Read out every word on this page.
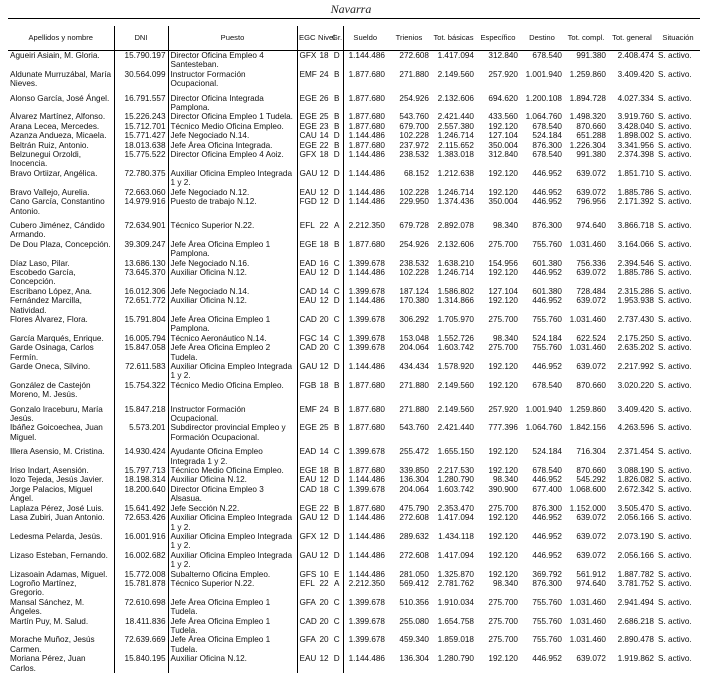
Navarra
Apellidos y nombre	DNI	Puesto	EGC	Nivel	Gr.	Sueldo	Trienios	Tot. básicas	Específico	Destino	Tot. compl.	Tot. general	Situación
Agueiri Asiain, M. Gloria.	15.790.197	Director Oficina Empleo 4 Santesteban.	GFX	18	D	1.144.486	272.608	1.417.094	312.840	678.540	991.380	2.408.474	S. activo.
Aldunate Murruzábal, María Nieves.	30.564.099	Instructor Formación Ocupacional.	EMF	24	B	1.877.680	271.880	2.149.560	257.920	1.001.940	1.259.860	3.409.420	S. activo.
Alonso García, José Ángel.	16.791.557	Director Oficina Integrada Pamplona.	EGE	26	B	1.877.680	254.926	2.132.606	694.620	1.200.108	1.894.728	4.027.334	S. activo.
Álvarez Martínez, Alfonso.	15.226.243	Director Oficina Empleo 1 Tudela.	EGE	25	B	1.877.680	543.760	2.421.440	433.560	1.064.760	1.498.320	3.919.760	S. activo.
Arana Lecea, Mercedes.	15.712.701	Técnico Medio Oficina Empleo.	EGE	23	B	1.877.680	679.700	2.557.380	192.120	678.540	870.660	3.428.040	S. activo.
Azanza Andueza, Micaela.	15.771.427	Jefe Negociado N.14.	CAU	14	D	1.144.486	102.228	1.246.714	127.104	524.184	651.288	1.898.002	S. activo.
Beltrán Ruiz, Antonio.	18.013.638	Jefe Área Oficina Integrada.	EGE	22	B	1.877.680	237.972	2.115.652	350.004	876.300	1.226.304	3.341.956	S. activo.
Belzunegui Orzoldi, Inocencia.	15.775.522	Director Oficina Empleo 4 Aoiz.	GFX	18	D	1.144.486	238.532	1.383.018	312.840	678.540	991.380	2.374.398	S. activo.
Bravo Ortiizar, Angélica.	72.780.375	Auxiliar Oficina Empleo Integrada 1 y 2.	GAU	12	D	1.144.486	68.152	1.212.638	192.120	446.952	639.072	1.851.710	S. activo.
Bravo Vallejo, Aurelia.	72.663.060	Jefe Negociado N.12.	EAU	12	D	1.144.486	102.228	1.246.714	192.120	446.952	639.072	1.885.786	S. activo.
Cano García, Constantino Antonio.	14.979.916	Puesto de trabajo N.12.	FGD	12	D	1.144.486	229.950	1.374.436	350.004	446.952	796.956	2.171.392	S. activo.
Cubero Jiménez, Cándido Armando.	72.634.901	Técnico Superior N.22.	EFL	22	A	2.212.350	679.728	2.892.078	98.340	876.300	974.640	3.866.718	S. activo.
De Dou Plaza, Concepción.	39.309.247	Jefe Área Oficina Empleo 1 Pamplona.	EGE	18	B	1.877.680	254.926	2.132.606	275.700	755.760	1.031.460	3.164.066	S. activo.
Díaz Laso, Pilar.	13.686.130	Jefe Negociado N.16.	EAD	16	C	1.399.678	238.532	1.638.210	154.956	601.380	756.336	2.394.546	S. activo.
Escobedo García, Concepción.	73.645.370	Auxiliar Oficina N.12.	EAU	12	D	1.144.486	102.228	1.246.714	192.120	446.952	639.072	1.885.786	S. activo.
Escribano López, Ana.	16.012.306	Jefe Negociado N.14.	CAD	14	C	1.399.678	187.124	1.586.802	127.104	601.380	728.484	2.315.286	S. activo.
Fernández Marcilla, Natividad.	72.651.772	Auxiliar Oficina N.12.	EAU	12	D	1.144.486	170.380	1.314.866	192.120	446.952	639.072	1.953.938	S. activo.
Flores Álvarez, Flora.	15.791.804	Jefe Área Oficina Empleo 1 Pamplona.	CAD	20	C	1.399.678	306.292	1.705.970	275.700	755.760	1.031.460	2.737.430	S. activo.
García Marqués, Enrique.	16.005.794	Técnico Aeronáutico N.14.	FGC	14	C	1.399.678	153.048	1.552.726	98.340	524.184	622.524	2.175.250	S. activo.
Garde Osinaga, Carlos Fermín.	15.847.058	Jefe Área Oficina Empleo 2 Tudela.	CAD	20	C	1.399.678	204.064	1.603.742	275.700	755.760	1.031.460	2.635.202	S. activo.
Garde Oneca, Silvino.	72.611.583	Auxiliar Oficina Empleo Integrada 1 y 2.	GAU	12	D	1.144.486	434.434	1.578.920	192.120	446.952	639.072	2.217.992	S. activo.
González de Castejón Moreno, M. Jesús.	15.754.322	Técnico Medio Oficina Empleo.	FGB	18	B	1.877.680	271.880	2.149.560	192.120	678.540	870.660	3.020.220	S. activo.
Gonzalo Iraceburu, María Jesús.	15.847.218	Instructor Formación Ocupacional.	EMF	24	B	1.877.680	271.880	2.149.560	257.920	1.001.940	1.259.860	3.409.420	S. activo.
Ibáñez Goicoechea, Juan Miguel.	5.573.201	Subdirector provincial Empleo y Formación Ocupacional.	EGE	25	B	1.877.680	543.760	2.421.440	777.396	1.064.760	1.842.156	4.263.596	S. activo.
Illera Asensio, M. Cristina.	14.930.424	Ayudante Oficina Empleo Integrada 1 y 2.	EAD	14	C	1.399.678	255.472	1.655.150	192.120	524.184	716.304	2.371.454	S. activo.
Iriso Indart, Asensión.	15.797.713	Técnico Medio Oficina Empleo.	EGE	18	B	1.877.680	339.850	2.217.530	192.120	678.540	870.660	3.088.190	S. activo.
Iozo Tejeda, Jesús Javier.	18.198.314	Auxiliar Oficina N.12.	EAU	12	D	1.144.486	136.304	1.280.790	98.340	446.952	545.292	1.826.082	S. activo.
Jorge Palacios, Miguel Ángel.	18.200.640	Director Oficina Empleo 3 Alsasua.	CAD	18	C	1.399.678	204.064	1.603.742	390.900	677.400	1.068.600	2.672.342	S. activo.
Laplaza Pérez, José Luis.	15.641.492	Jefe Sección N.22.	EGE	22	B	1.877.680	475.790	2.353.470	275.700	876.300	1.152.000	3.505.470	S. activo.
Lasa Zubiri, Juan Antonio.	72.653.426	Auxiliar Oficina Empleo Integrada 1 y 2.	GAU	12	D	1.144.486	272.608	1.417.094	192.120	446.952	639.072	2.056.166	S. activo.
Ledesma Pelarda, Jesús.	16.001.916	Auxiliar Oficina Empleo Integrada 1 y 2.	GFX	12	D	1.144.486	289.632	1.434.118	192.120	446.952	639.072	2.073.190	S. activo.
Lizaso Esteban, Fernando.	16.002.682	Auxiliar Oficina Empleo Integrada 1 y 2.	GAU	12	D	1.144.486	272.608	1.417.094	192.120	446.952	639.072	2.056.166	S. activo.
Lizasoain Adamas, Miguel.	15.772.008	Subalterno Oficina Empleo.	GFS	10	E	1.144.486	281.050	1.325.870	192.120	369.792	561.912	1.887.782	S. activo.
Logroño Martínez, Gregorio.	15.781.878	Técnico Superior N.22.	EFL	22	A	2.212.350	569.412	2.781.762	98.340	876.300	974.640	3.781.752	S. activo.
Mansal Sánchez, M. Ángeles.	72.610.698	Jefe Área Oficina Empleo 1 Tudela.	GFA	20	C	1.399.678	510.356	1.910.034	275.700	755.760	1.031.460	2.941.494	S. activo.
Martín Puy, M. Salud.	18.411.836	Jefe Área Oficina Empleo 1 Tudela.	CAD	20	C	1.399.678	255.080	1.654.758	275.700	755.760	1.031.460	2.686.218	S. activo.
Morache Muñoz, Jesús Carmen.	72.639.669	Jefe Área Oficina Empleo 1 Tudela.	GFA	20	C	1.399.678	459.340	1.859.018	275.700	755.760	1.031.460	2.890.478	S. activo.
Moriana Pérez, Juan Carlos.	15.840.195	Auxiliar Oficina N.12.	EAU	12	D	1.144.486	136.304	1.280.790	192.120	446.952	639.072	1.919.862	S. activo.
